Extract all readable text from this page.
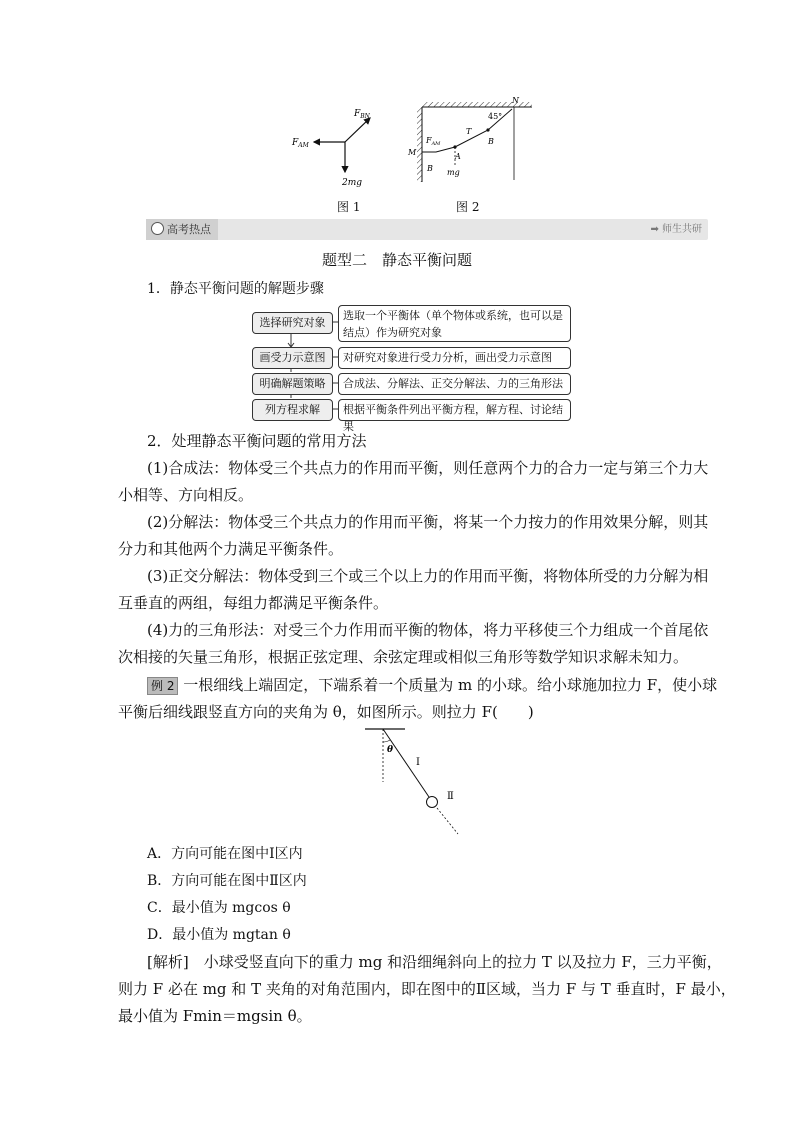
$F_{BN}$
$F_{AM}$
2mg
图 1
N
45°
T
B
M
$F_{AM}$
A
B mg
图 2
高考热点	➡ 师生共研
题型二　静态平衡问题
1．静态平衡问题的解题步骤
选择研究对象
选取一个平衡体（单个物体或系统，也可以是结点）作为研究对象
画受力示意图	对研究对象进行受力分析，画出受力示意图
明确解题策略	合成法、分解法、正交分解法、力的三角形法
列方程求解	根据平衡条件列出平衡方程，解方程、讨论结果
2．处理静态平衡问题的常用方法
(1)合成法：物体受三个共点力的作用而平衡，则任意两个力的合力一定与第三个力大
小相等、方向相反。
(2)分解法：物体受三个共点力的作用而平衡，将某一个力按力的作用效果分解，则其
分力和其他两个力满足平衡条件。
(3)正交分解法：物体受到三个或三个以上力的作用而平衡，将物体所受的力分解为相
互垂直的两组，每组力都满足平衡条件。
(4)力的三角形法：对受三个力作用而平衡的物体，将力平移使三个力组成一个首尾依
次相接的矢量三角形，根据正弦定理、余弦定理或相似三角形等数学知识求解未知力。
例 2 一根细线上端固定，下端系着一个质量为 m 的小球。给小球施加拉力 F，使小球
平衡后细线跟竖直方向的夹角为 θ，如图所示。则拉力 F(　　)
θ
Ⅰ
Ⅱ
A．方向可能在图中Ⅰ区内
B．方向可能在图中Ⅱ区内
C．最小值为 mgcos θ
D．最小值为 mgtan θ
[解析]　小球受竖直向下的重力 mg 和沿细绳斜向上的拉力 T 以及拉力 F，三力平衡，
则力 F 必在 mg 和 T 夹角的对角范围内，即在图中的Ⅱ区域，当力 F 与 T 垂直时，F 最小，
最小值为 Fmin＝mgsin θ。
